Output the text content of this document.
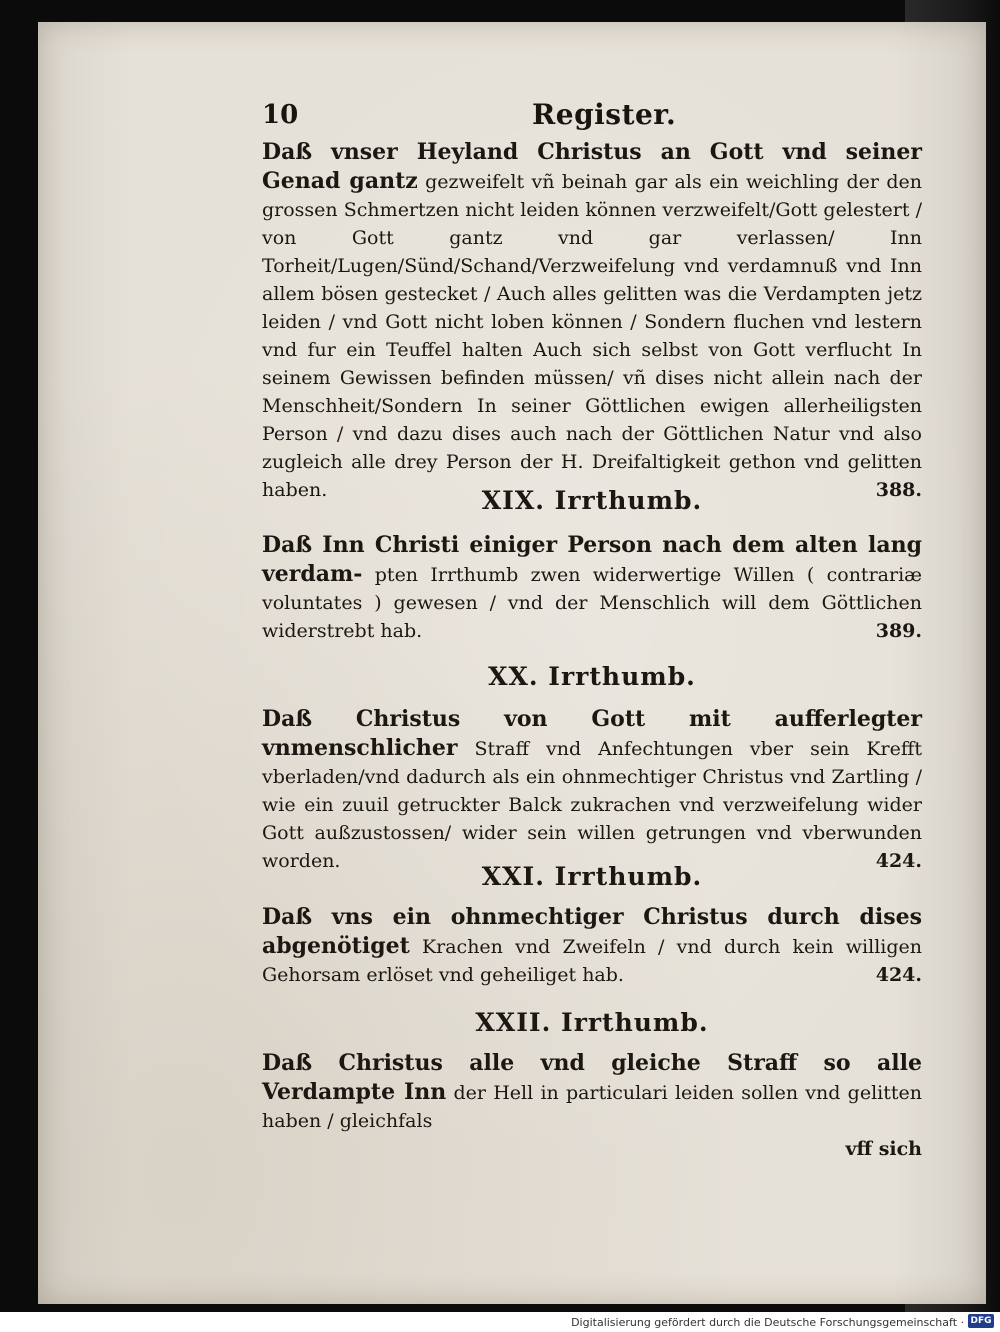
10	Register.

Daß vnser Heyland Christus an Gott vnd seiner Genad gantz gezweifelt vñ beinah gar als ein weichling der den grossen Schmertzen nicht leiden können verzweifelt/Gott gelestert / von Gott gantz vnd gar verlassen/ Inn Torheit/Lugen/Sünd/Schand/Verzweifelung vnd verdamnuß vnd Inn allem bösen gestecket / Auch alles gelitten was die Verdampten jetz leiden / vnd Gott nicht loben können / Sondern fluchen vnd lestern vnd fur ein Teuffel halten Auch sich selbst von Gott verflucht In seinem Gewissen befinden müssen/ vñ dises nicht allein nach der Menschheit/Sondern In seiner Göttlichen ewigen allerheiligsten Person / vnd dazu dises auch nach der Göttlichen Natur vnd also zugleich alle drey Person der H. Dreifaltigkeit gethon vnd gelitten haben.	388.

XIX. Irrthumb.

Daß Inn Christi einiger Person nach dem alten lang verdam- pten Irrthumb zwen widerwertige Willen ( contrariæ voluntates ) gewesen / vnd der Menschlich will dem Göttlichen widerstrebt hab.	389.

XX. Irrthumb.

Daß Christus von Gott mit aufferlegter vnmenschlicher Straff vnd Anfechtungen vber sein Krefft vberladen/vnd dadurch als ein ohnmechtiger Christus vnd Zartling / wie ein zuuil getruckter Balck zukrachen vnd verzweifelung wider Gott außzustossen/ wider sein willen getrungen vnd vberwunden worden.	424.

XXI. Irrthumb.

Daß vns ein ohnmechtiger Christus durch dises abgenötiget Krachen vnd Zweifeln / vnd durch kein willigen Gehorsam erlöset vnd geheiliget hab.	424.

XXII. Irrthumb.

Daß Christus alle vnd gleiche Straff so alle Verdampte Inn der Hell in particulari leiden sollen vnd gelitten haben / gleichfals

vff sich

Digitalisierung gefördert durch die Deutsche Forschungsgemeinschaft · DFG
